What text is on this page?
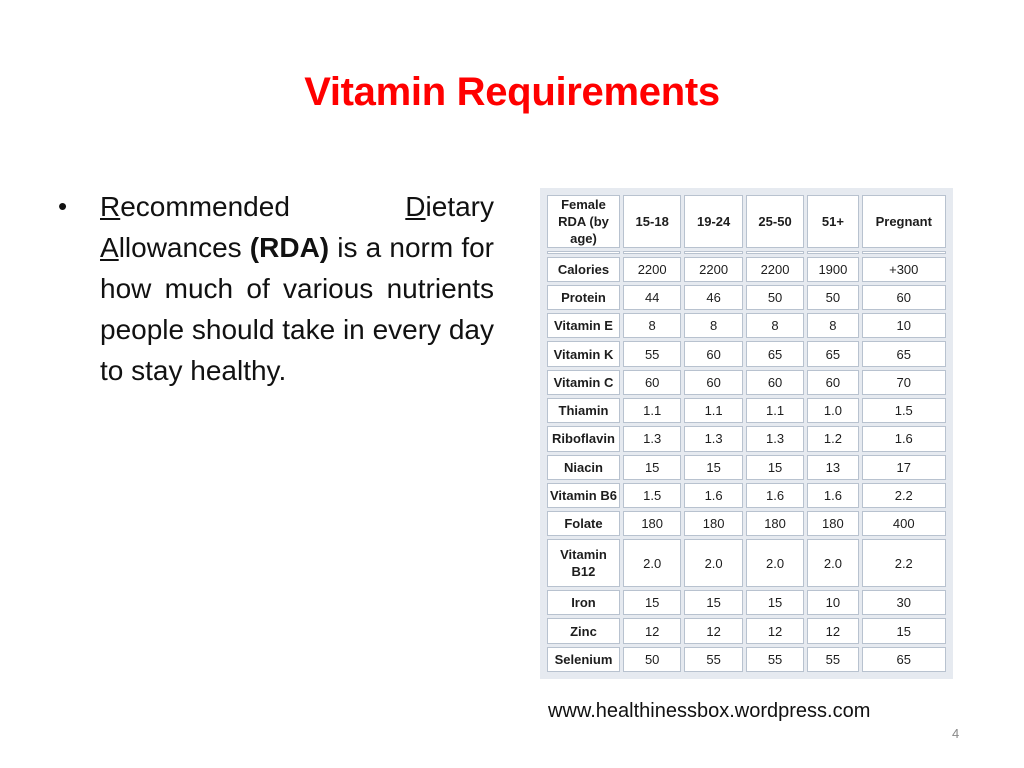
Vitamin Requirements
• Recommended	Dietary Allowances (RDA) is a norm for how much of various nutrients people should take in every day to stay healthy.
Female RDA (by age)	15-18	19-24	25-50	51+	Pregnant

Calories	2200	2200	2200	1900	+300
Protein	44	46	50	50	60
Vitamin E	8	8	8	8	10
Vitamin K	55	60	65	65	65
Vitamin C	60	60	60	60	70
Thiamin	1.1	1.1	1.1	1.0	1.5
Riboflavin	1.3	1.3	1.3	1.2	1.6
Niacin	15	15	15	13	17
Vitamin B6	1.5	1.6	1.6	1.6	2.2
Folate	180	180	180	180	400
Vitamin B12	2.0	2.0	2.0	2.0	2.2
Iron	15	15	15	10	30
Zinc	12	12	12	12	15
Selenium	50	55	55	55	65
www.healthinessbox.wordpress.com
4
